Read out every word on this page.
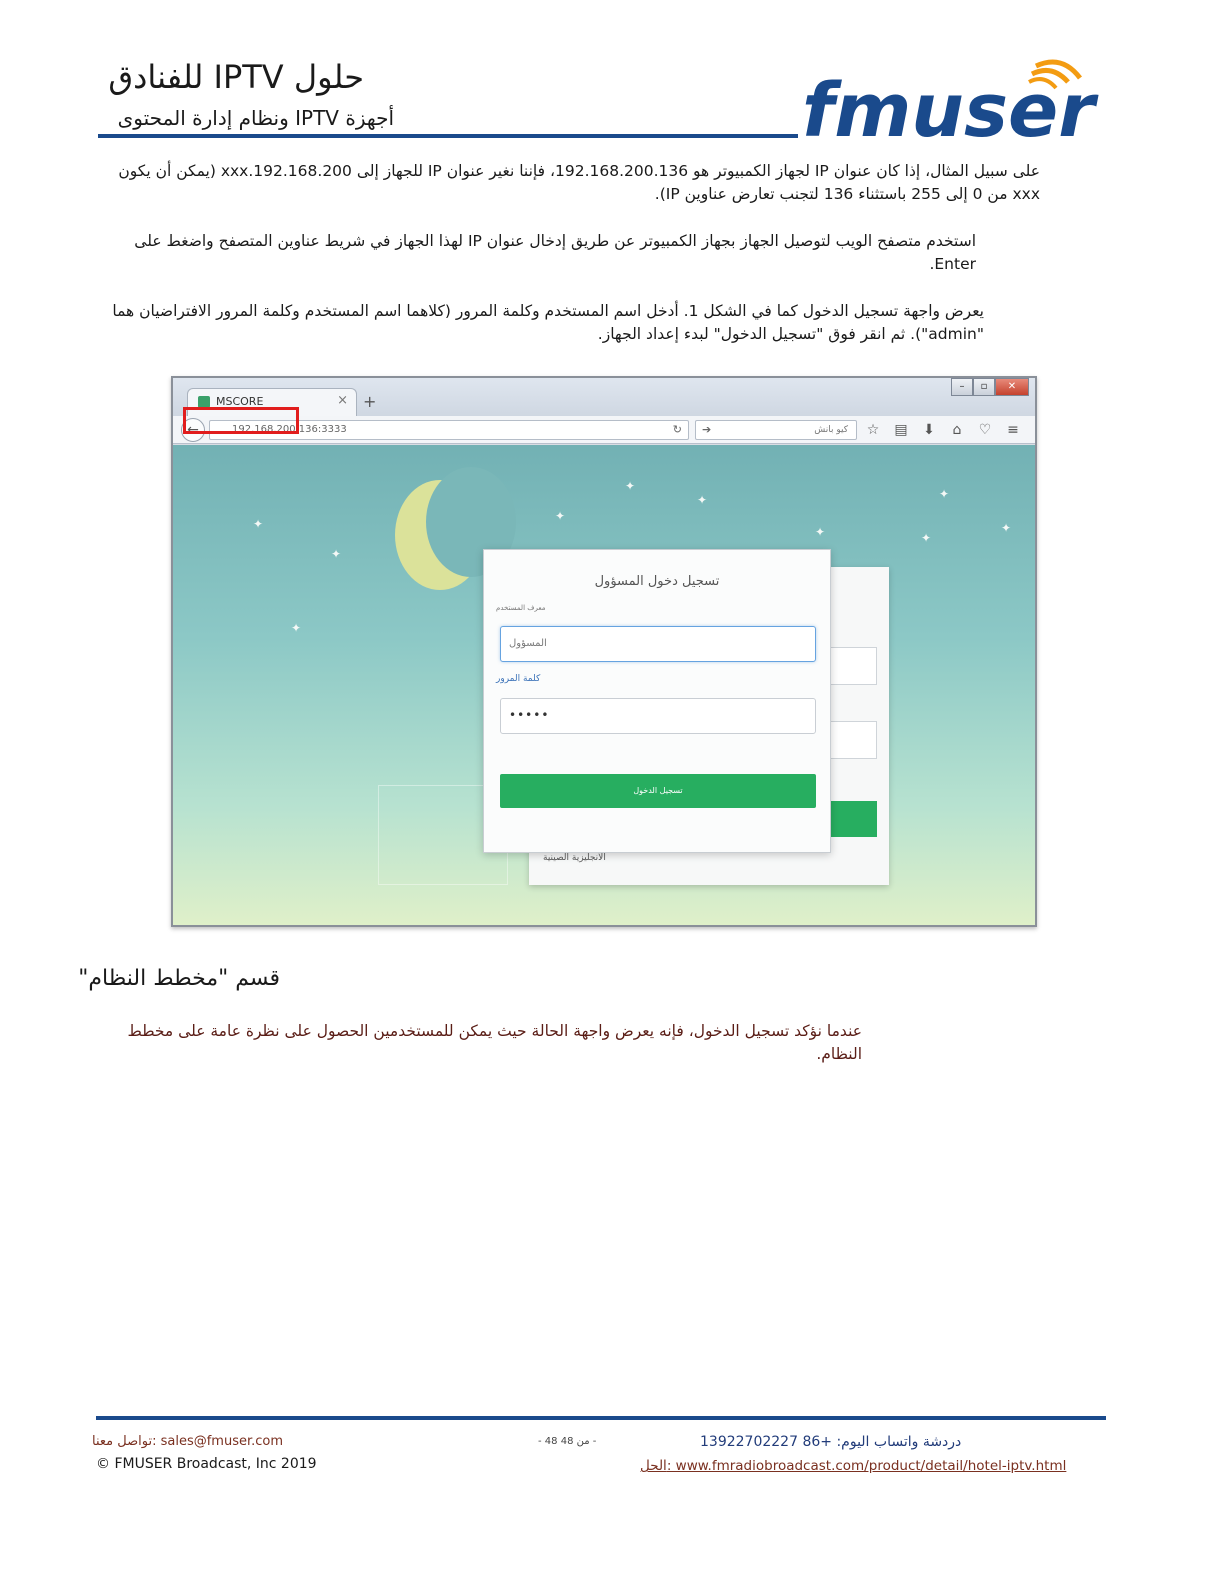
حلول IPTV للفنادق
أجهزة IPTV ونظام إدارة المحتوى	fmuser
على سبيل المثال، إذا كان عنوان IP لجهاز الكمبيوتر هو 192.168.200.136، فإننا نغير عنوان IP للجهاز إلى 192.168.200.xxx (يمكن أن يكون xxx من 0 إلى 255 باستثناء 136 لتجنب تعارض عناوين IP).
استخدم متصفح الويب لتوصيل الجهاز بجهاز الكمبيوتر عن طريق إدخال عنوان IP لهذا الجهاز في شريط عناوين المتصفح واضغط على Enter.
يعرض واجهة تسجيل الدخول كما في الشكل 1. أدخل اسم المستخدم وكلمة المرور (كلاهما اسم المستخدم وكلمة المرور الافتراضيان هما "admin"). ثم انقر فوق "تسجيل الدخول" لبدء إعداد الجهاز.
MSCORE	× +
–	▫	✕
←	192.168.200.136:3333	↻	كيو بانش
➔	☆ ▤ ⬇	⌂	♡ ≡
✦
✦
✦
✦
✦
✦
✦
✦
✦
✦
الانجليزية الصينية
تسجيل دخول المسؤول
معرف المستخدم
المسؤول
كلمة المرور
•••••
تسجيل الدخول
قسم "مخطط النظام"
عندما نؤكد تسجيل الدخول، فإنه يعرض واجهة الحالة حيث يمكن للمستخدمين الحصول على نظرة عامة على مخطط النظام.
تواصل معنا: sales@fmuser.com
© FMUSER Broadcast, Inc 2019
- 48 من 48 -	دردشة واتساب اليوم: +86 13922702227
الحل: www.fmradiobroadcast.com/product/detail/hotel-iptv.html
